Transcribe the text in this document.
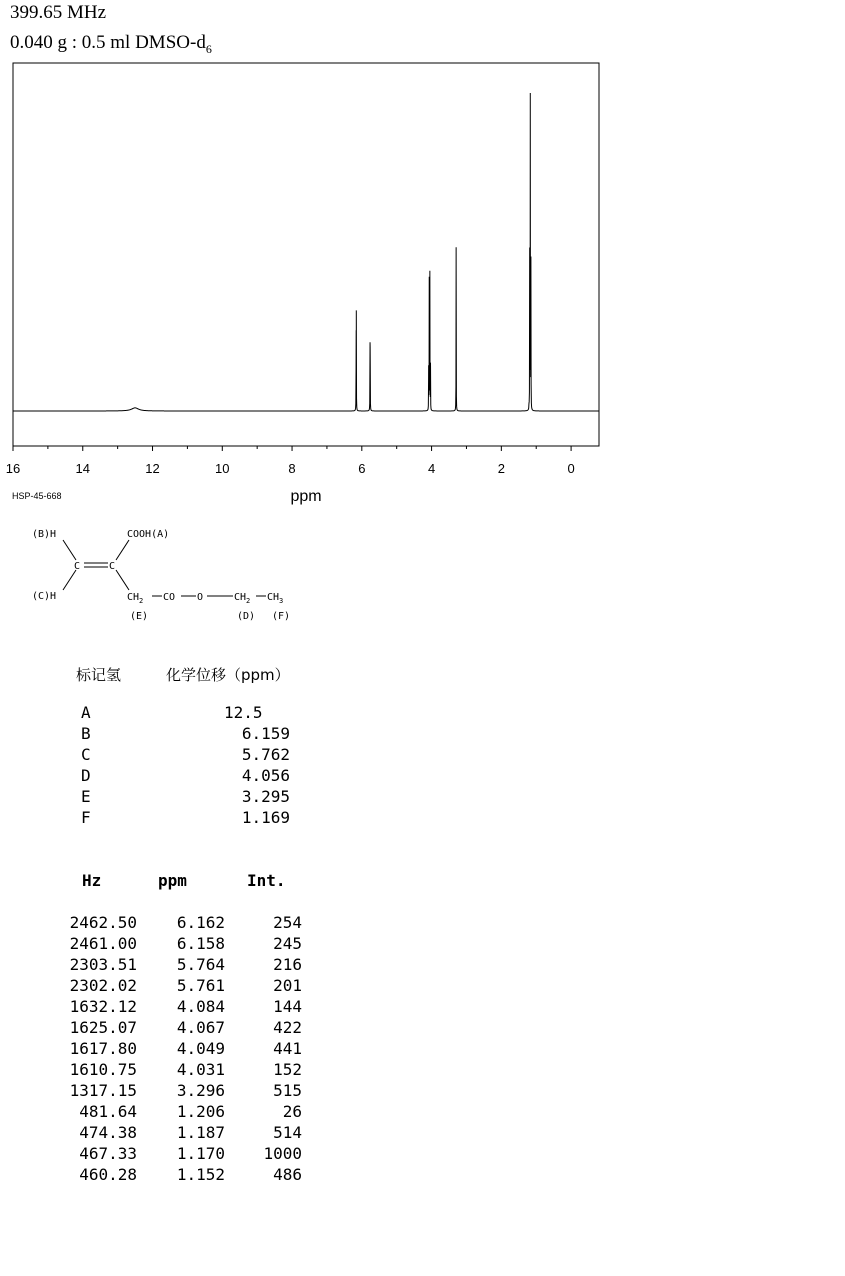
399.65 MHz
0.040 g : 0.5 ml DMSO-$d_6$
16	14	12	10	8	6	4	2	0
ppm
HSP-45-668
(B)H	COOH(A)
C	C
(C)H	$CH_2$ CO O	$CH_2$ $CH_3$
(E)	(D) (F)
标记氢	化学位移（ppm）
A	12.5
B	6.159
C	5.762
D	4.056
E	3.295
F	1.169
Hz	ppm	Int.
2462.50	6.162	254
2461.00	6.158	245
2303.51	5.764	216
2302.02	5.761	201
1632.12	4.084	144
1625.07	4.067	422
1617.80	4.049	441
1610.75	4.031	152
1317.15	3.296	515
481.64	1.206	26
474.38	1.187	514
467.33	1.170	1000
460.28	1.152	486
